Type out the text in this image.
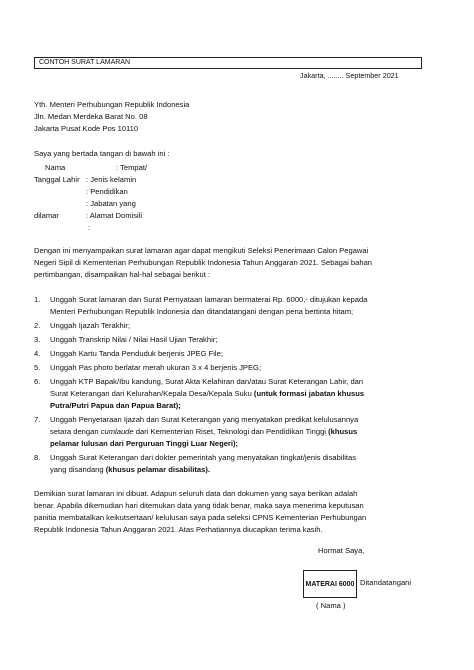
CONTOH SURAT LAMARAN
Jakarta, ........ September 2021
Yth. Menteri Perhubungan Republik Indonesia
Jln. Medan Merdeka Barat No. 08
Jakarta Pusat Kode Pos 10110
Saya yang bertada tangan di bawah ini :
Nama	: Tempat/
Tanggal Lahir : Jenis kelamin
: Pendidikan
: Jabatan yang
dilamar	: Alamat Domisili
:
Dengan ini menyampaikan surat lamaran agar dapat mengikuti Seleksi Penerimaan Calon Pegawai
Negeri Sipil di Kementerian Perhubungan Republik Indonesia Tahun Anggaran 2021. Sebagai bahan
pertimbangan, disampaikan hal-hal sebagai berikut :
1. Unggah Surat lamaran dan Surat Pernyataan lamaran bermaterai Rp. 6000,- ditujukan kepada
Menteri Perhubungan Republik Indonesia dan ditandatangani dengan pena bertinta hitam;
2. Unggah Ijazah Terakhir;
3. Unggah Transkrip Nilai / Nilai Hasil Ujian Terakhir;
4. Unggah Kartu Tanda Penduduk berjenis JPEG File;
5. Unggah Pas photo berlatar merah ukuran 3 x 4 berjenis JPEG;
6. Unggah KTP Bapak/Ibu kandung, Surat Akta Kelahiran dan/atau Surat Keterangan Lahir, dan
Surat Keterangan dari Kelurahan/Kepala Desa/Kepala Suku (untuk formasi jabatan khusus
Putra/Putri Papua dan Papua Barat);
7. Unggah Penyetaraan Ijazah dan Surat Keterangan yang menyatakan predikat kelulusannya
setara dengan cumlaude dari Kementerian Riset, Teknologi dan Pendidikan Tinggi (khusus
pelamar lulusan dari Perguruan Tinggi Luar Negeri);
8. Unggah Surat Keterangan dari dokter pemerintah yang menyatakan tingkat/jenis disabilitas
yang disandang (khusus pelamar disabilitas).
Demikian surat lamaran ini dibuat. Adapun seluruh data dan dokumen yang saya berikan adalah
benar. Apabila dikemudian hari ditemukan data yang tidak benar, maka saya menerima keputusan
panitia membatalkan keikutsertaan/ kelulusan saya pada seleksi CPNS Kementerian Perhubungan
Republik Indonesia Tahun Anggaran 2021. Atas Perhatiannya diucapkan terima kasih.
Hormat Saya,
MATERAI 6000 Ditandatangani
( Nama )
